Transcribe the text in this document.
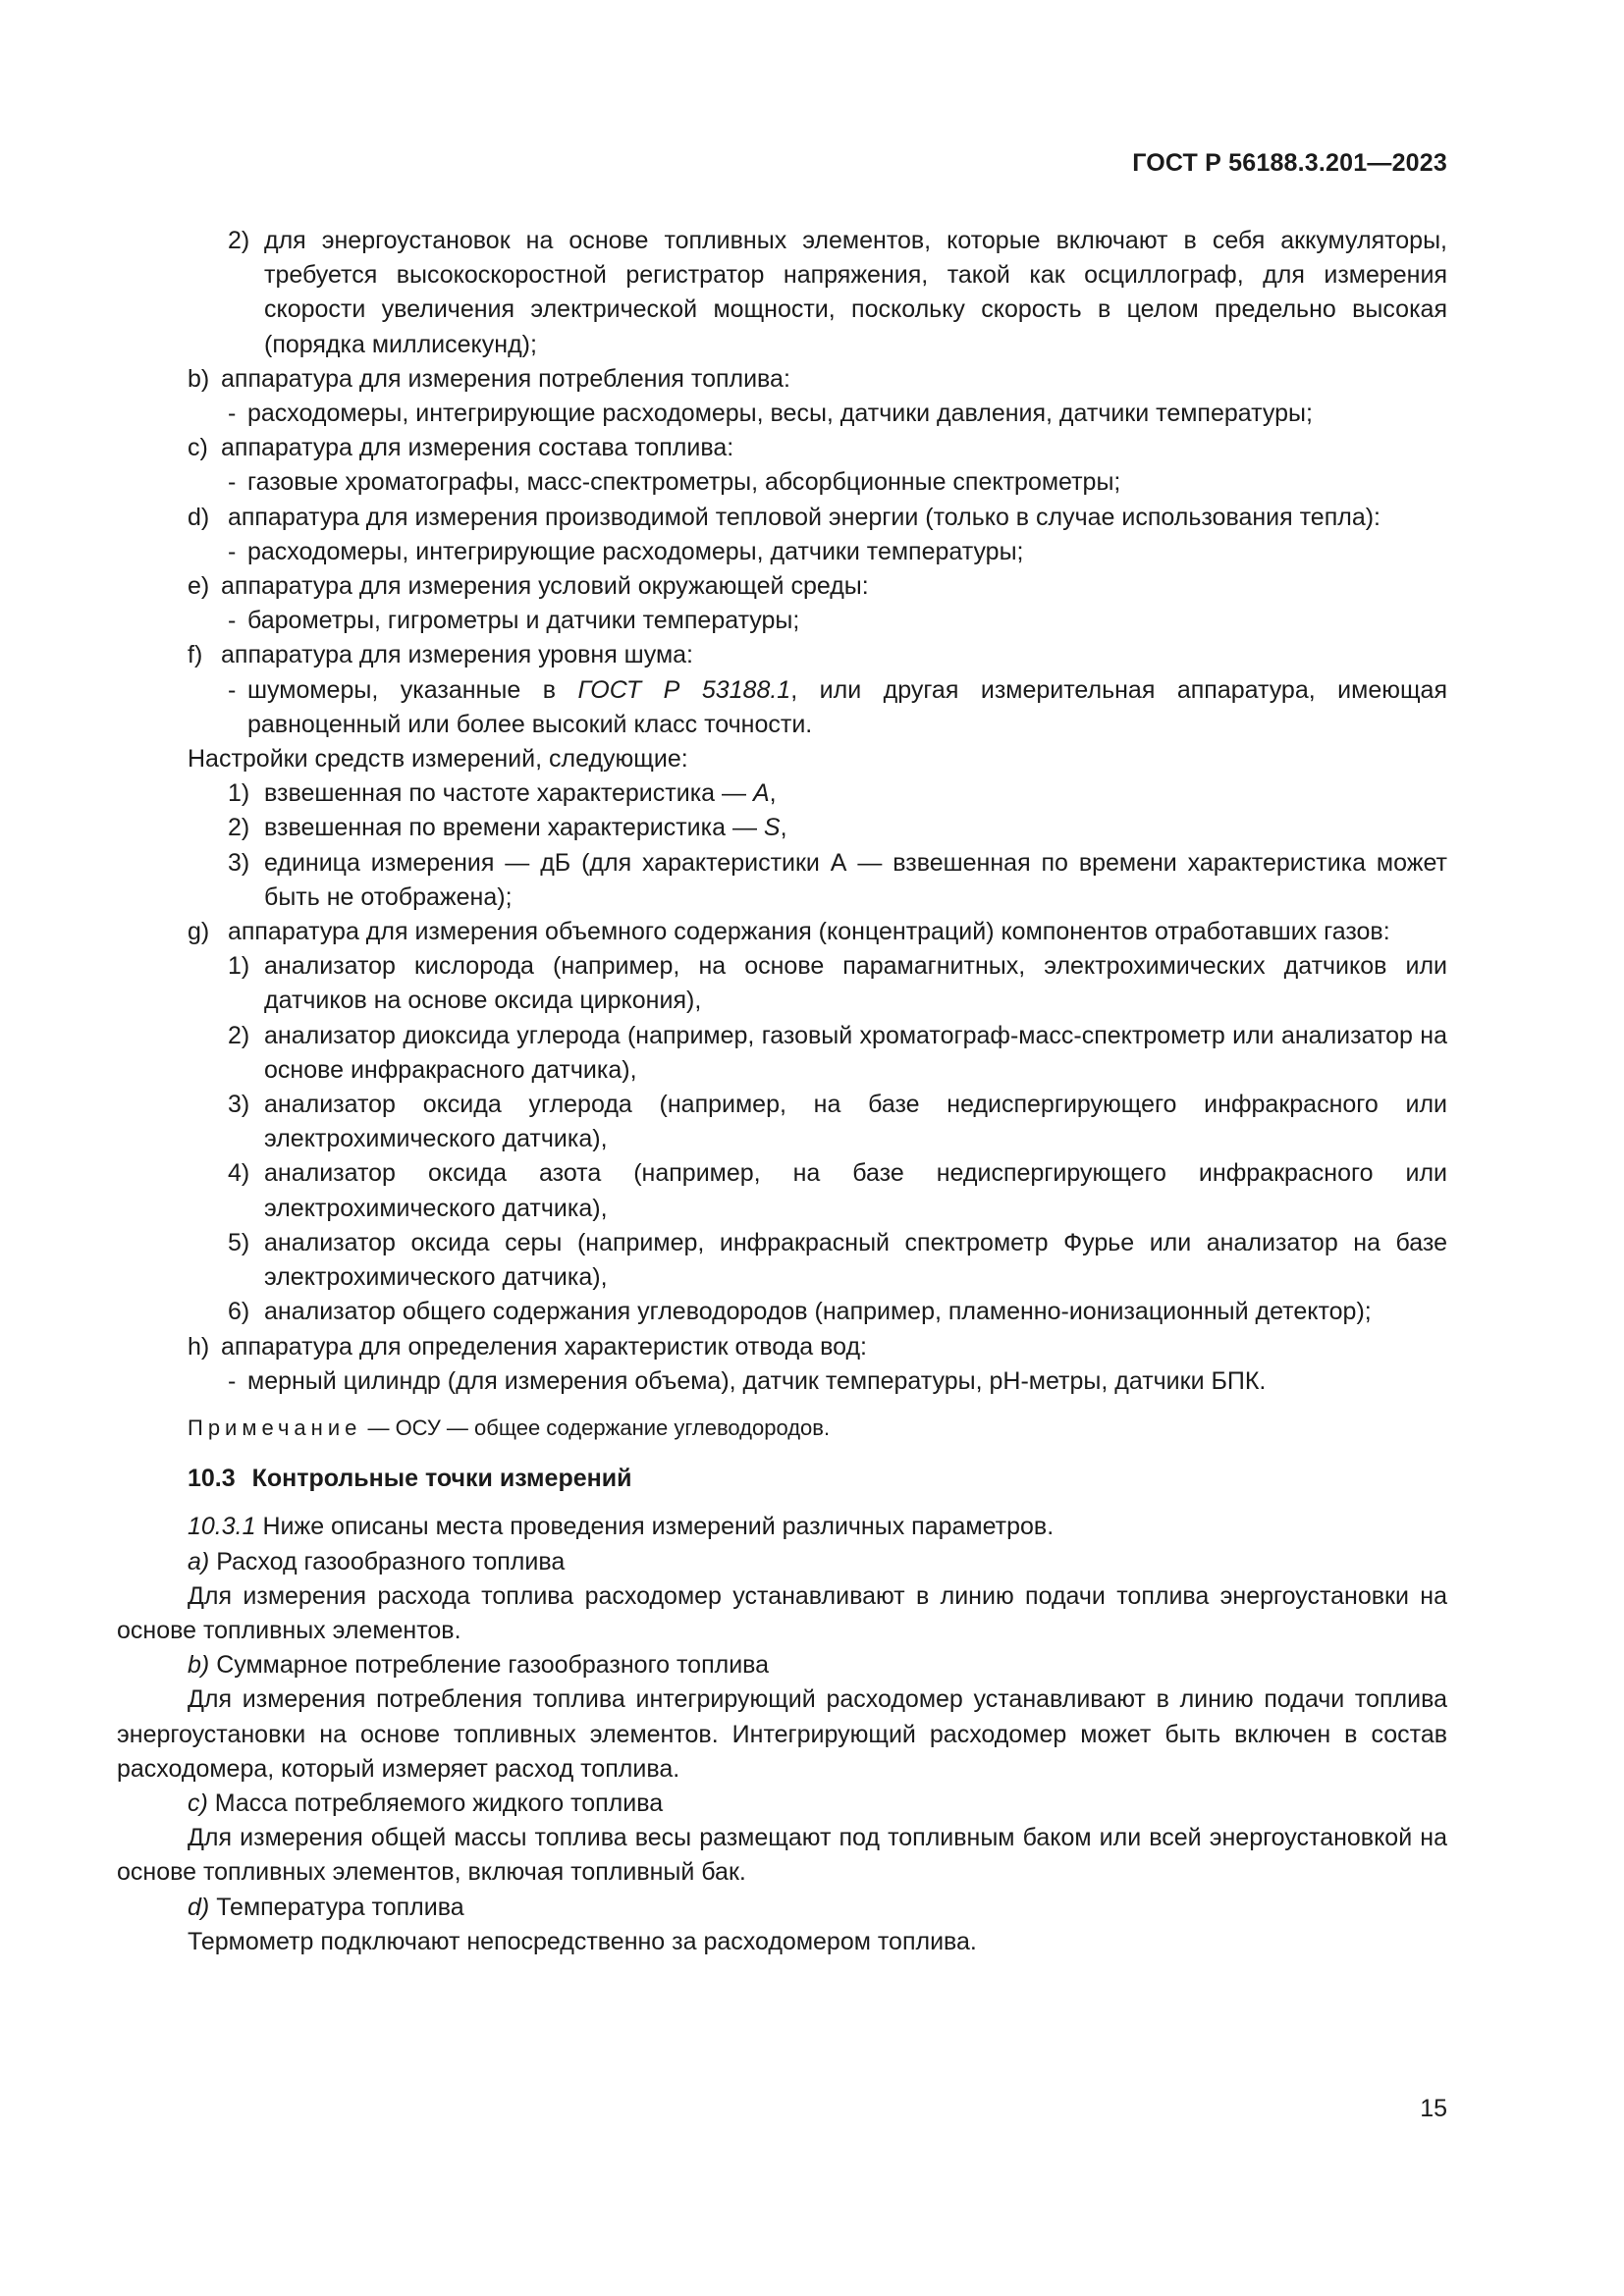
ГОСТ Р 56188.3.201—2023
2) для энергоустановок на основе топливных элементов, которые включают в себя аккумуляторы, требуется высокоскоростной регистратор напряжения, такой как осциллограф, для измерения скорости увеличения электрической мощности, поскольку скорость в целом предельно высокая (порядка миллисекунд);
b) аппаратура для измерения потребления топлива:
- расходомеры, интегрирующие расходомеры, весы, датчики давления, датчики температуры;
c) аппаратура для измерения состава топлива:
- газовые хроматографы, масс-спектрометры, абсорбционные спектрометры;
d) аппаратура для измерения производимой тепловой энергии (только в случае использования тепла):
- расходомеры, интегрирующие расходомеры, датчики температуры;
e) аппаратура для измерения условий окружающей среды:
- барометры, гигрометры и датчики температуры;
f) аппаратура для измерения уровня шума:
- шумомеры, указанные в ГОСТ Р 53188.1, или другая измерительная аппаратура, имеющая равноценный или более высокий класс точности.
Настройки средств измерений, следующие:
1) взвешенная по частоте характеристика — A,
2) взвешенная по времени характеристика — S,
3) единица измерения — дБ (для характеристики А — взвешенная по времени характеристика может быть не отображена);
g) аппаратура для измерения объемного содержания (концентраций) компонентов отработавших газов:
1) анализатор кислорода (например, на основе парамагнитных, электрохимических датчиков или датчиков на основе оксида циркония),
2) анализатор диоксида углерода (например, газовый хроматограф-масс-спектрометр или анализатор на основе инфракрасного датчика),
3) анализатор оксида углерода (например, на базе недиспергирующего инфракрасного или электрохимического датчика),
4) анализатор оксида азота (например, на базе недиспергирующего инфракрасного или электрохимического датчика),
5) анализатор оксида серы (например, инфракрасный спектрометр Фурье или анализатор на базе электрохимического датчика),
6) анализатор общего содержания углеводородов (например, пламенно-ионизационный детектор);
h) аппаратура для определения характеристик отвода вод:
- мерный цилиндр (для измерения объема), датчик температуры, pH-метры, датчики БПК.
Примечание — ОСУ — общее содержание углеводородов.
10.3 Контрольные точки измерений
10.3.1 Ниже описаны места проведения измерений различных параметров.
a) Расход газообразного топлива
Для измерения расхода топлива расходомер устанавливают в линию подачи топлива энергоустановки на основе топливных элементов.
b) Суммарное потребление газообразного топлива
Для измерения потребления топлива интегрирующий расходомер устанавливают в линию подачи топлива энергоустановки на основе топливных элементов. Интегрирующий расходомер может быть включен в состав расходомера, который измеряет расход топлива.
c) Масса потребляемого жидкого топлива
Для измерения общей массы топлива весы размещают под топливным баком или всей энергоустановкой на основе топливных элементов, включая топливный бак.
d) Температура топлива
Термометр подключают непосредственно за расходомером топлива.
15
